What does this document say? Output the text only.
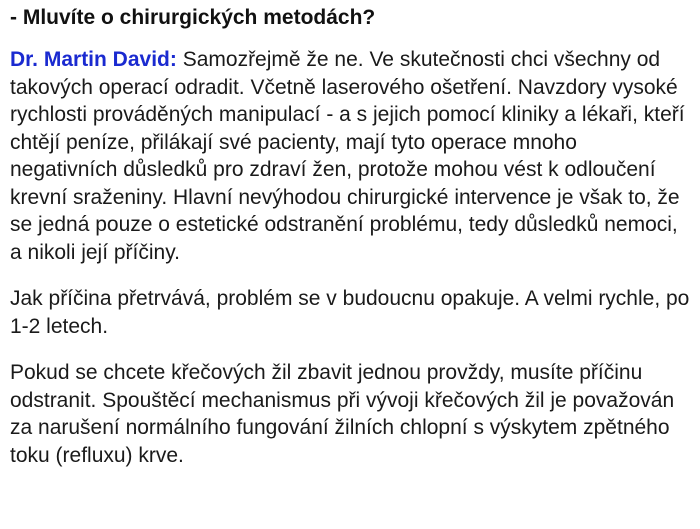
- Mluvíte o chirurgických metodách?

Dr. Martin David: Samozřejmě že ne. Ve skutečnosti chci všechny od takových operací odradit. Včetně laserového ošetření. Navzdory vysoké rychlosti prováděných manipulací - a s jejich pomocí kliniky a lékaři, kteří chtějí peníze, přilákají své pacienty, mají tyto operace mnoho negativních důsledků pro zdraví žen, protože mohou vést k odloučení krevní sraženiny. Hlavní nevýhodou chirurgické intervence je však to, že se jedná pouze o estetické odstranění problému, tedy důsledků nemoci, a nikoli její příčiny.

Jak příčina přetrvává, problém se v budoucnu opakuje. A velmi rychle, po 1-2 letech.

Pokud se chcete křečových žil zbavit jednou provždy, musíte příčinu odstranit. Spouštěcí mechanismus při vývoji křečových žil je považován za narušení normálního fungování žilních chlopní s výskytem zpětného toku (refluxu) krve.
